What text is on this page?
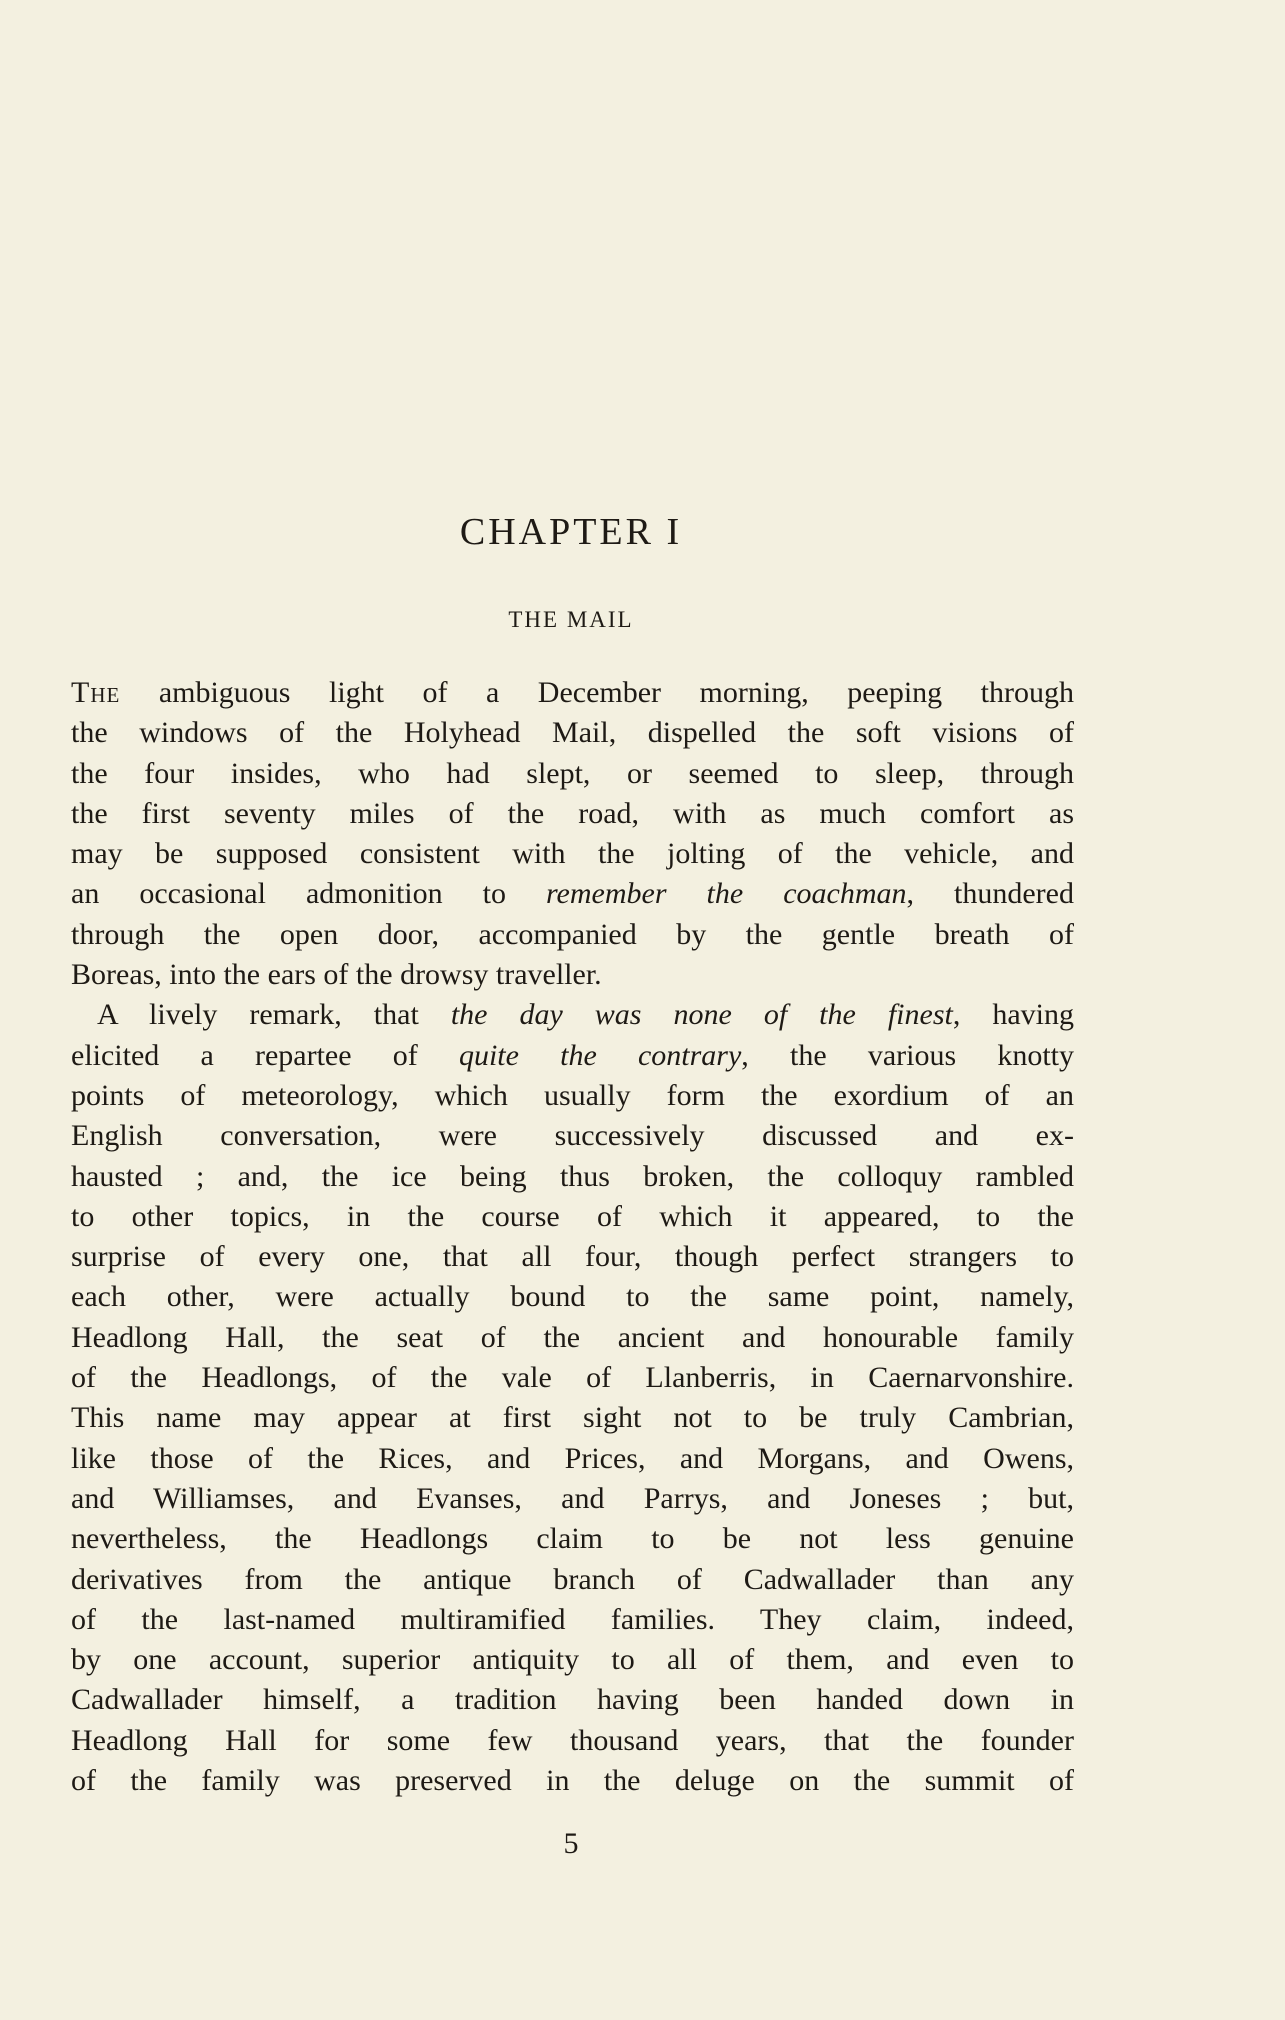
CHAPTER I
THE MAIL
The ambiguous light of a December morning, peeping through
the windows of the Holyhead Mail, dispelled the soft visions of
the four insides, who had slept, or seemed to sleep, through
the first seventy miles of the road, with as much comfort as
may be supposed consistent with the jolting of the vehicle, and
an occasional admonition to remember the coachman, thundered
through the open door, accompanied by the gentle breath of
Boreas, into the ears of the drowsy traveller.
A lively remark, that the day was none of the finest, having
elicited a repartee of quite the contrary, the various knotty
points of meteorology, which usually form the exordium of an
English conversation, were successively discussed and ex-
hausted ; and, the ice being thus broken, the colloquy rambled
to other topics, in the course of which it appeared, to the
surprise of every one, that all four, though perfect strangers to
each other, were actually bound to the same point, namely,
Headlong Hall, the seat of the ancient and honourable family
of the Headlongs, of the vale of Llanberris, in Caernarvonshire.
This name may appear at first sight not to be truly Cambrian,
like those of the Rices, and Prices, and Morgans, and Owens,
and Williamses, and Evanses, and Parrys, and Joneses ; but,
nevertheless, the Headlongs claim to be not less genuine
derivatives from the antique branch of Cadwallader than any
of the last-named multiramified families. They claim, indeed,
by one account, superior antiquity to all of them, and even to
Cadwallader himself, a tradition having been handed down in
Headlong Hall for some few thousand years, that the founder
of the family was preserved in the deluge on the summit of
5
